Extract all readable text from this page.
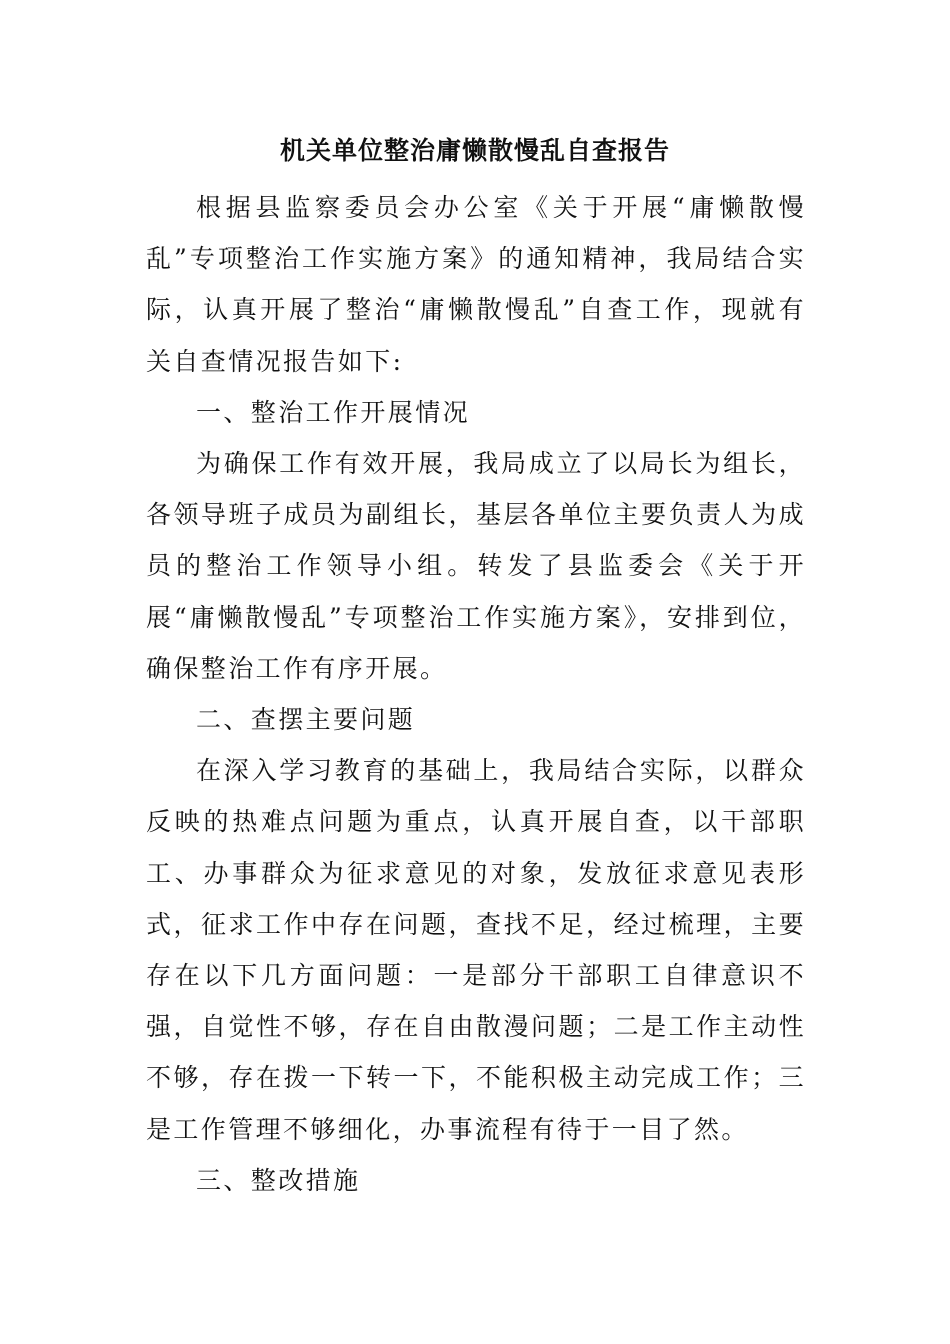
机关单位整治庸懒散慢乱自查报告

根据县监察委员会办公室《关于开展“庸懒散慢乱”专项整治工作实施方案》的通知精神，我局结合实际，认真开展了整治“庸懒散慢乱”自查工作，现就有关自查情况报告如下:

一、整治工作开展情况

为确保工作有效开展，我局成立了以局长为组长，各领导班子成员为副组长，基层各单位主要负责人为成员的整治工作领导小组。转发了县监委会《关于开展“庸懒散慢乱”专项整治工作实施方案》，安排到位，确保整治工作有序开展。

二、查摆主要问题

在深入学习教育的基础上，我局结合实际，以群众反映的热难点问题为重点，认真开展自查，以干部职工、办事群众为征求意见的对象，发放征求意见表形式，征求工作中存在问题，查找不足，经过梳理，主要存在以下几方面问题：一是部分干部职工自律意识不强，自觉性不够，存在自由散漫问题；二是工作主动性不够，存在拨一下转一下，不能积极主动完成工作；三是工作管理不够细化，办事流程有待于一目了然。

三、整改措施
